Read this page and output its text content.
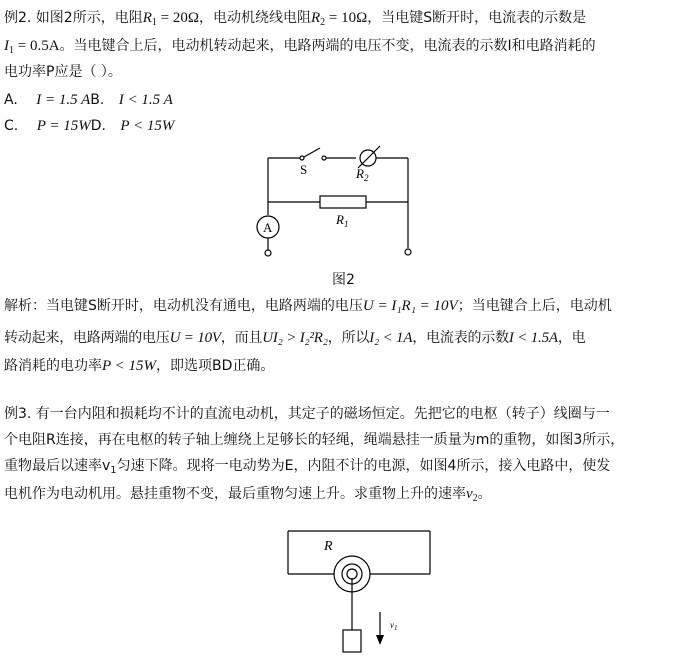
例2. 如图2所示，电阻$R_1 = 20\Omega$，电动机绕线电阻$R_2 = 10\Omega$，当电键S断开时，电流表的示数是
$I_1 = 0.5A$。当电键合上后，电动机转动起来，电路两端的电压不变，电流表的示数I和电路消耗的
电功率P应是（ ）。
A. I = 1.5 AB. I < 1.5 A
C. P = 15WD. P < 15W
S	$R_2$
$R_1$
A
图2
解析：当电键S断开时，电动机没有通电，电路两端的电压U = I₁R₁ = 10V；当电键合上后，电动机
转动起来，电路两端的电压U = 10V，而且UI₂ > I₂²R₂，所以I₂ < 1A，电流表的示数I < 1.5A，电
路消耗的电功率P < 15W，即选项BD正确。
例3. 有一台内阻和损耗均不计的直流电动机，其定子的磁场恒定。先把它的电枢（转子）线圈与一
个电阻R连接，再在电枢的转子轴上缠绕上足够长的轻绳，绳端悬挂一质量为m的重物，如图3所示，
重物最后以速率$v_1$匀速下降。现将一电动势为E，内阻不计的电源，如图4所示，接入电路中，使发
电机作为电动机用。悬挂重物不变，最后重物匀速上升。求重物上升的速率$v_2$。
R
$v_1$
